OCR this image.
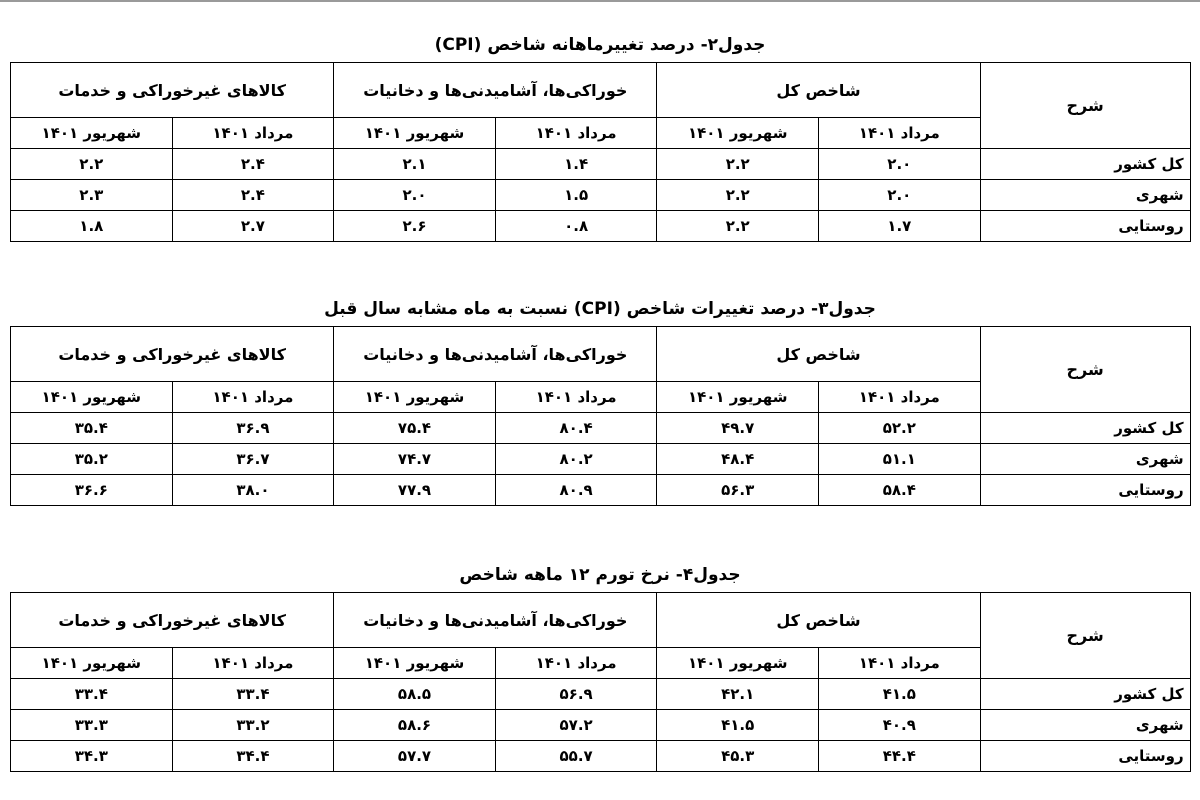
جدول۲- درصد تغییرماهانه شاخص (CPI)
شرح	شاخص کل		خوراکی‌ها، آشامیدنی‌ها و دخانیات		کالاهای غیرخوراکی و خدمات	
	مرداد ۱۴۰۱	شهریور ۱۴۰۱	مرداد ۱۴۰۱	شهریور ۱۴۰۱	مرداد ۱۴۰۱	شهریور ۱۴۰۱
کل کشور	۲.۰	۲.۲	۱.۴	۲.۱	۲.۴	۲.۲
شهری	۲.۰	۲.۲	۱.۵	۲.۰	۲.۴	۲.۳
روستایی	۱.۷	۲.۲	۰.۸	۲.۶	۲.۷	۱.۸
جدول۳- درصد تغییرات شاخص (CPI) نسبت به ماه مشابه سال قبل
شرح	شاخص کل		خوراکی‌ها، آشامیدنی‌ها و دخانیات		کالاهای غیرخوراکی و خدمات	
	مرداد ۱۴۰۱	شهریور ۱۴۰۱	مرداد ۱۴۰۱	شهریور ۱۴۰۱	مرداد ۱۴۰۱	شهریور ۱۴۰۱
کل کشور	۵۲.۲	۴۹.۷	۸۰.۴	۷۵.۴	۳۶.۹	۳۵.۴
شهری	۵۱.۱	۴۸.۴	۸۰.۲	۷۴.۷	۳۶.۷	۳۵.۲
روستایی	۵۸.۴	۵۶.۳	۸۰.۹	۷۷.۹	۳۸.۰	۳۶.۶
جدول۴- نرخ تورم ۱۲ ماهه شاخص
شرح	شاخص کل		خوراکی‌ها، آشامیدنی‌ها و دخانیات		کالاهای غیرخوراکی و خدمات	
	مرداد ۱۴۰۱	شهریور ۱۴۰۱	مرداد ۱۴۰۱	شهریور ۱۴۰۱	مرداد ۱۴۰۱	شهریور ۱۴۰۱
کل کشور	۴۱.۵	۴۲.۱	۵۶.۹	۵۸.۵	۳۳.۴	۳۳.۴
شهری	۴۰.۹	۴۱.۵	۵۷.۲	۵۸.۶	۳۳.۲	۳۳.۳
روستایی	۴۴.۴	۴۵.۳	۵۵.۷	۵۷.۷	۳۴.۴	۳۴.۳
